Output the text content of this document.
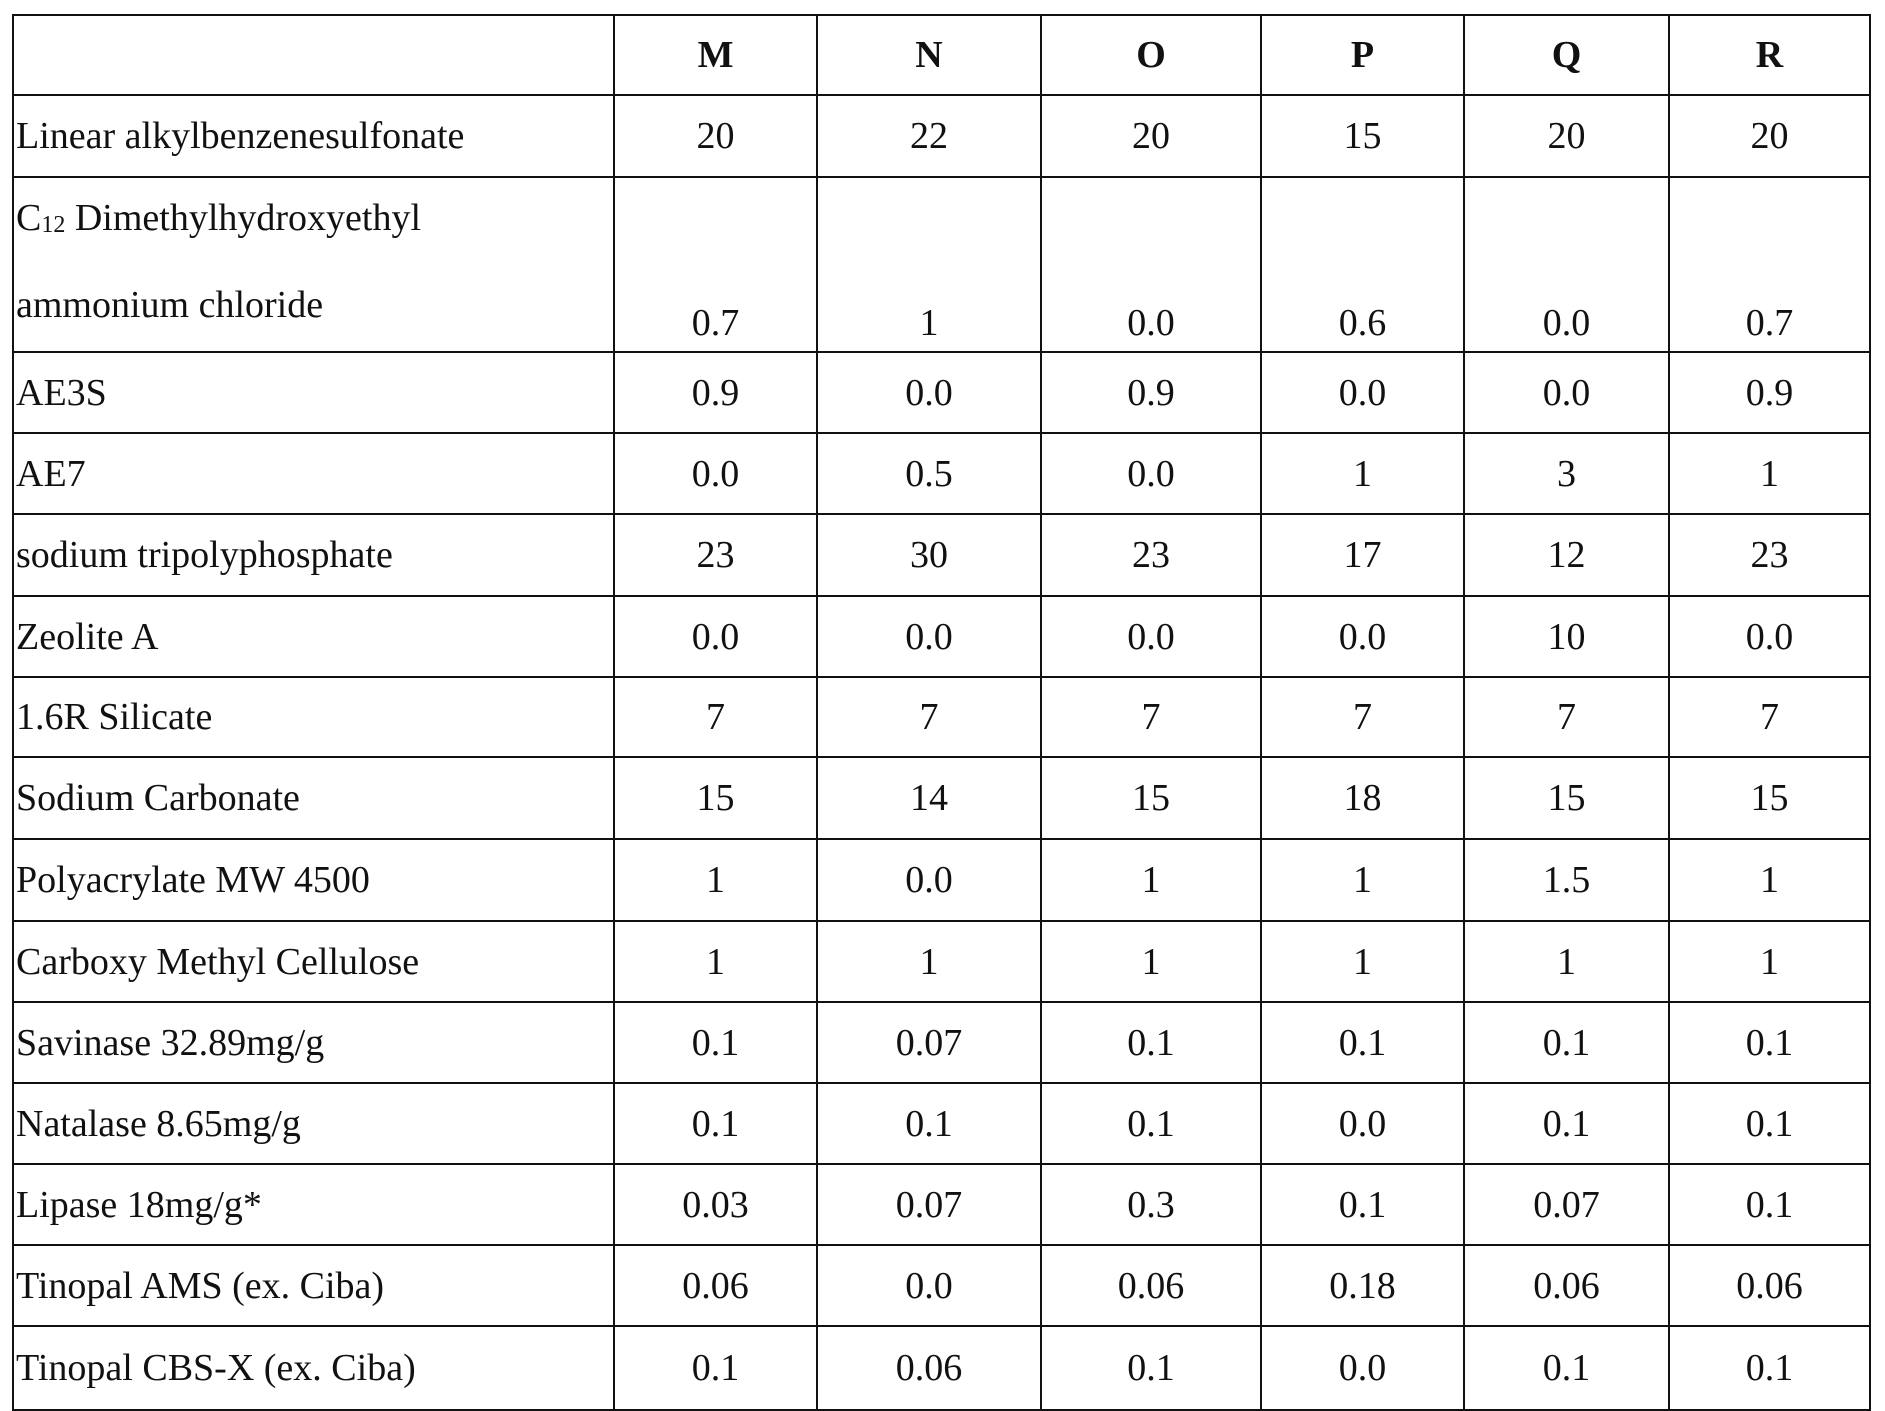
	M	N	O	P	Q	R
Linear alkylbenzenesulfonate	20	22	20	15	20	20
C12 Dimethylhydroxyethyl
ammonium chloride	0.7	1	0.0	0.6	0.0	0.7
AE3S	0.9	0.0	0.9	0.0	0.0	0.9
AE7	0.0	0.5	0.0	1	3	1
sodium tripolyphosphate	23	30	23	17	12	23
Zeolite A	0.0	0.0	0.0	0.0	10	0.0
1.6R Silicate	7	7	7	7	7	7
Sodium Carbonate	15	14	15	18	15	15
Polyacrylate MW 4500	1	0.0	1	1	1.5	1
Carboxy Methyl Cellulose	1	1	1	1	1	1
Savinase 32.89mg/g	0.1	0.07	0.1	0.1	0.1	0.1
Natalase 8.65mg/g	0.1	0.1	0.1	0.0	0.1	0.1
Lipase 18mg/g*	0.03	0.07	0.3	0.1	0.07	0.1
Tinopal AMS (ex. Ciba)	0.06	0.0	0.06	0.18	0.06	0.06
Tinopal CBS-X (ex. Ciba)	0.1	0.06	0.1	0.0	0.1	0.1
